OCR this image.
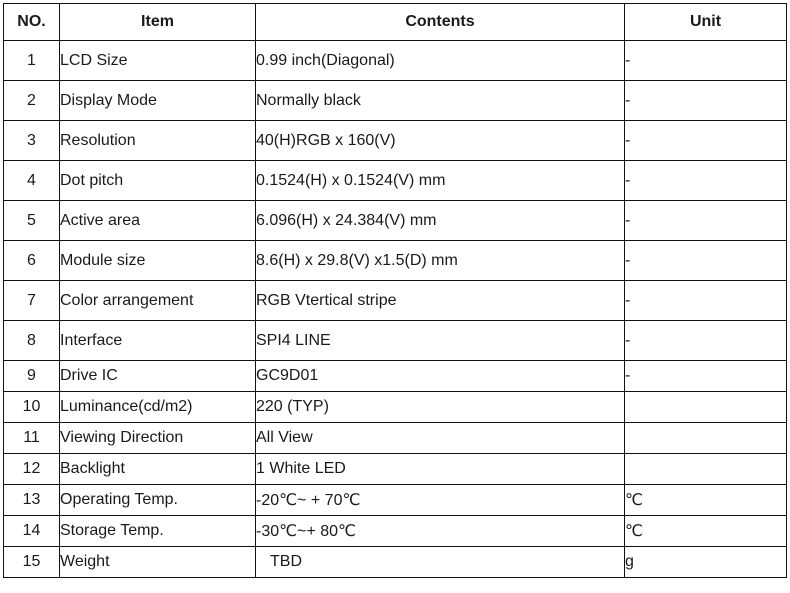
NO.	Item	Contents	Unit
1	LCD Size	0.99 inch(Diagonal)	-
2	Display Mode	Normally black	-
3	Resolution	40(H)RGB x 160(V)	-
4	Dot pitch	0.1524(H) x 0.1524(V) mm	-
5	Active area	6.096(H) x 24.384(V) mm	-
6	Module size	8.6(H) x 29.8(V) x1.5(D) mm	-
7	Color arrangement	RGB Vtertical stripe	-
8	Interface	SPI4 LINE	-
9	Drive IC	GC9D01	-
10	Luminance(cd/m2)	220 (TYP)	
11	Viewing Direction	All View	
12	Backlight	1 White LED	
13	Operating Temp.	-20℃~ + 70℃	℃
14	Storage Temp.	-30℃~+ 80℃	℃
15	Weight	TBD	g
